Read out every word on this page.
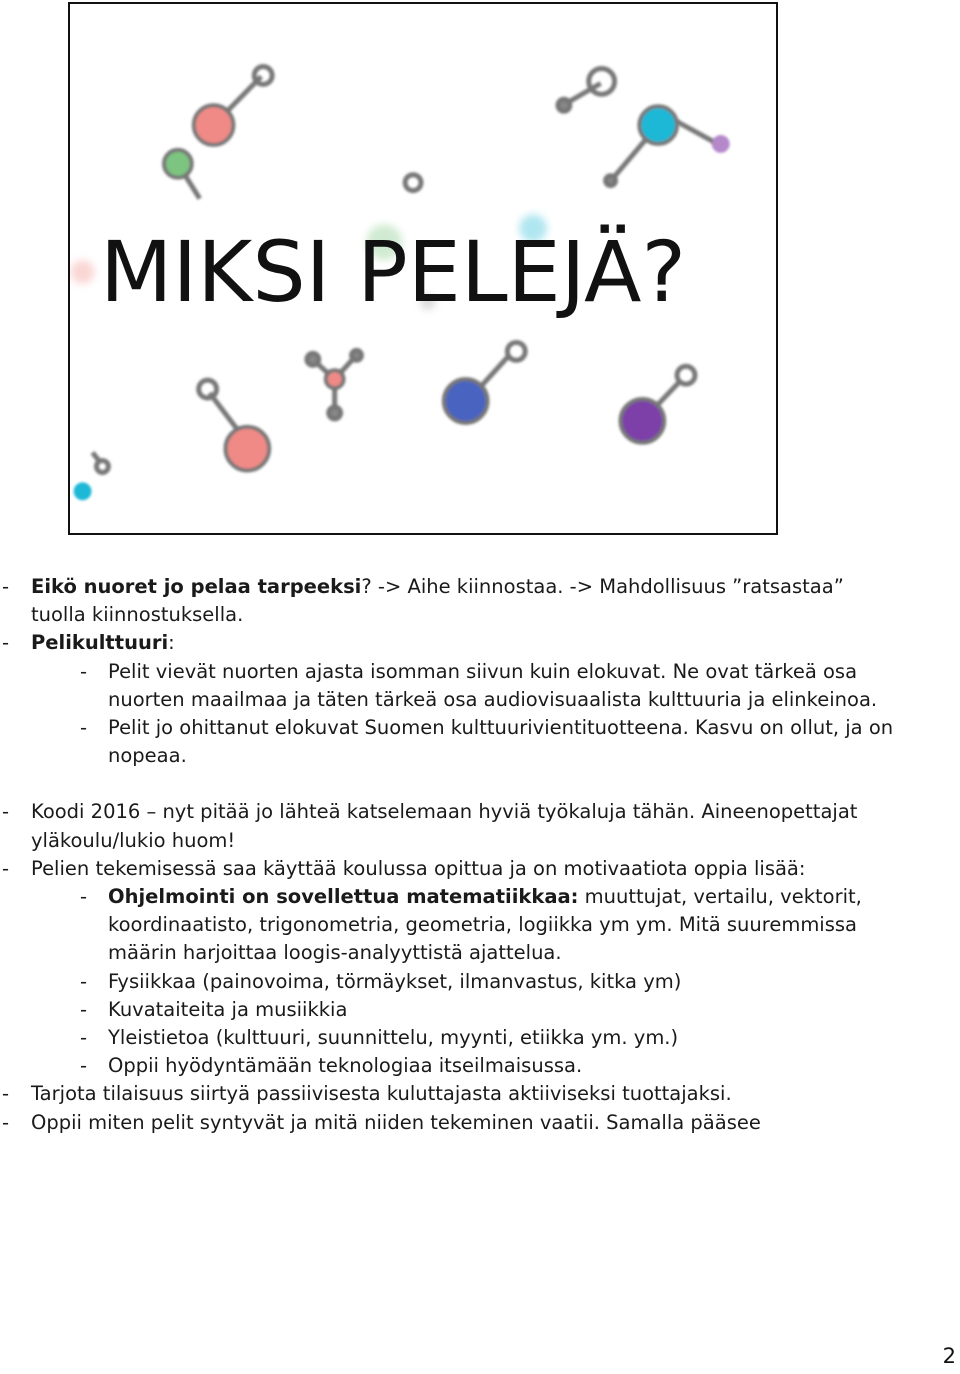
MIKSI PELEJÄ?
- Eikö nuoret jo pelaa tarpeeksi? -> Aihe kiinnostaa. -> Mahdollisuus ”ratsastaa” tuolla kiinnostuksella.
- Pelikulttuuri:
- Pelit vievät nuorten ajasta isomman siivun kuin elokuvat. Ne ovat tärkeä osa nuorten maailmaa ja täten tärkeä osa audiovisuaalista kulttuuria ja elinkeinoa.
- Pelit jo ohittanut elokuvat Suomen kulttuurivientituotteena. Kasvu on ollut, ja on nopeaa.
- Koodi 2016 – nyt pitää jo lähteä katselemaan hyviä työkaluja tähän. Aineenopettajat yläkoulu/lukio huom!
- Pelien tekemisessä saa käyttää koulussa opittua ja on motivaatiota oppia lisää:
- Ohjelmointi on sovellettua matematiikkaa: muuttujat, vertailu, vektorit, koordinaatisto, trigonometria, geometria, logiikka ym ym. Mitä suuremmissa määrin harjoittaa loogis-analyyttistä ajattelua.
- Fysiikkaa (painovoima, törmäykset, ilmanvastus, kitka ym)
- Kuvataiteita ja musiikkia
- Yleistietoa (kulttuuri, suunnittelu, myynti, etiikka ym. ym.)
- Oppii hyödyntämään teknologiaa itseilmaisussa.
- Tarjota tilaisuus siirtyä passiivisesta kuluttajasta aktiiviseksi tuottajaksi.
- Oppii miten pelit syntyvät ja mitä niiden tekeminen vaatii. Samalla pääsee
2
